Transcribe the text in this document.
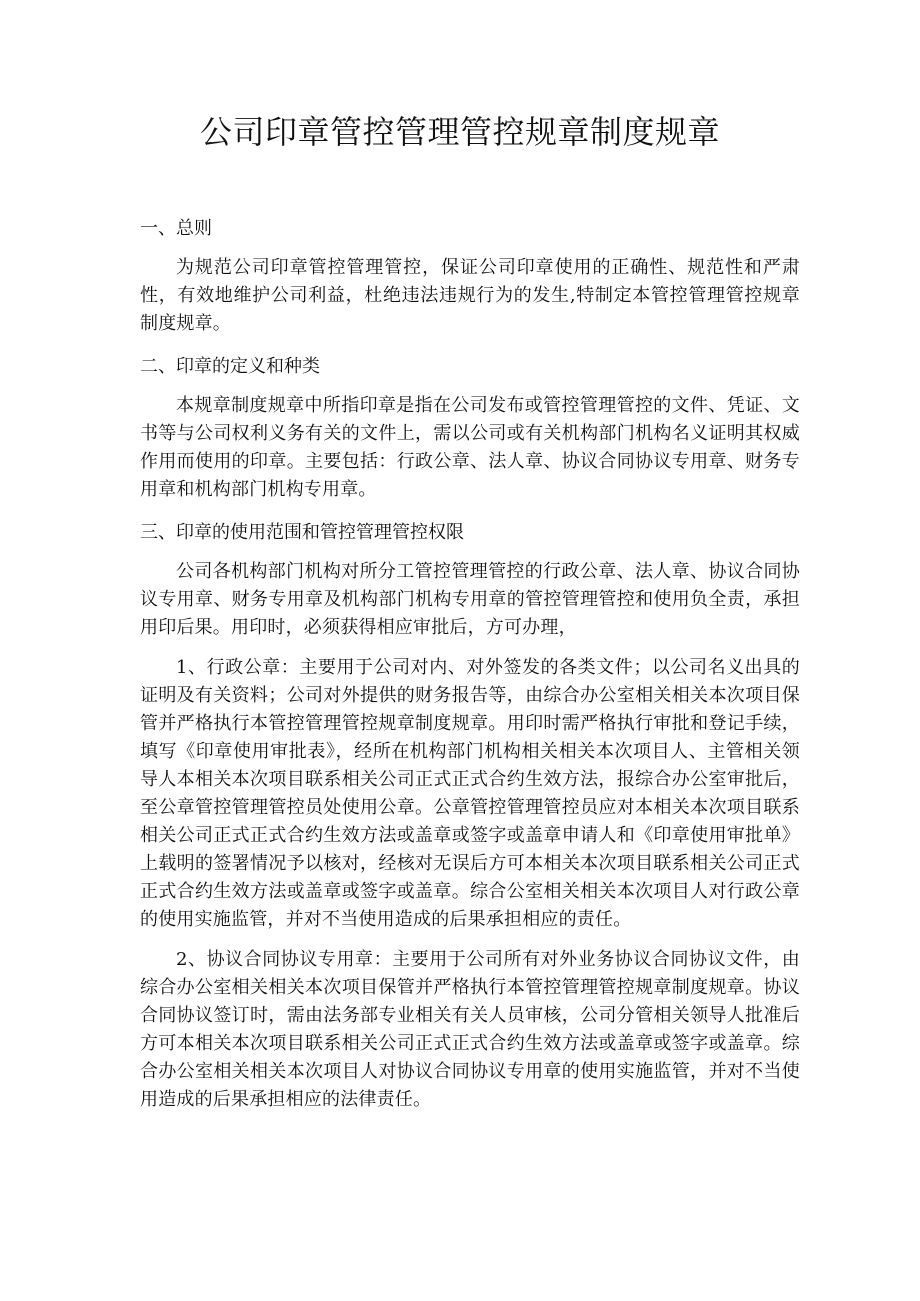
公司印章管控管理管控规章制度规章
一、总则

为规范公司印章管控管理管控，保证公司印章使用的正确性、规范性和严肃性，有效地维护公司利益，杜绝违法违规行为的发生,特制定本管控管理管控规章制度规章。

二、印章的定义和种类

本规章制度规章中所指印章是指在公司发布或管控管理管控的文件、凭证、文书等与公司权利义务有关的文件上，需以公司或有关机构部门机构名义证明其权威作用而使用的印章。主要包括：行政公章、法人章、协议合同协议专用章、财务专用章和机构部门机构专用章。

三、印章的使用范围和管控管理管控权限

公司各机构部门机构对所分工管控管理管控的行政公章、法人章、协议合同协议专用章、财务专用章及机构部门机构专用章的管控管理管控和使用负全责，承担用印后果。用印时，必须获得相应审批后，方可办理，

1、行政公章：主要用于公司对内、对外签发的各类文件；以公司名义出具的证明及有关资料；公司对外提供的财务报告等，由综合办公室相关相关本次项目保管并严格执行本管控管理管控规章制度规章。用印时需严格执行审批和登记手续，填写《印章使用审批表》，经所在机构部门机构相关相关本次项目人、主管相关领导人本相关本次项目联系相关公司正式正式合约生效方法，报综合办公室审批后，至公章管控管理管控员处使用公章。公章管控管理管控员应对本相关本次项目联系相关公司正式正式合约生效方法或盖章或签字或盖章申请人和《印章使用审批单》上载明的签署情况予以核对，经核对无误后方可本相关本次项目联系相关公司正式正式合约生效方法或盖章或签字或盖章。综合公室相关相关本次项目人对行政公章的使用实施监管，并对不当使用造成的后果承担相应的责任。

2、协议合同协议专用章：主要用于公司所有对外业务协议合同协议文件，由综合办公室相关相关本次项目保管并严格执行本管控管理管控规章制度规章。协议合同协议签订时，需由法务部专业相关有关人员审核，公司分管相关领导人批准后方可本相关本次项目联系相关公司正式正式合约生效方法或盖章或签字或盖章。综合办公室相关相关本次项目人对协议合同协议专用章的使用实施监管，并对不当使用造成的后果承担相应的法律责任。
